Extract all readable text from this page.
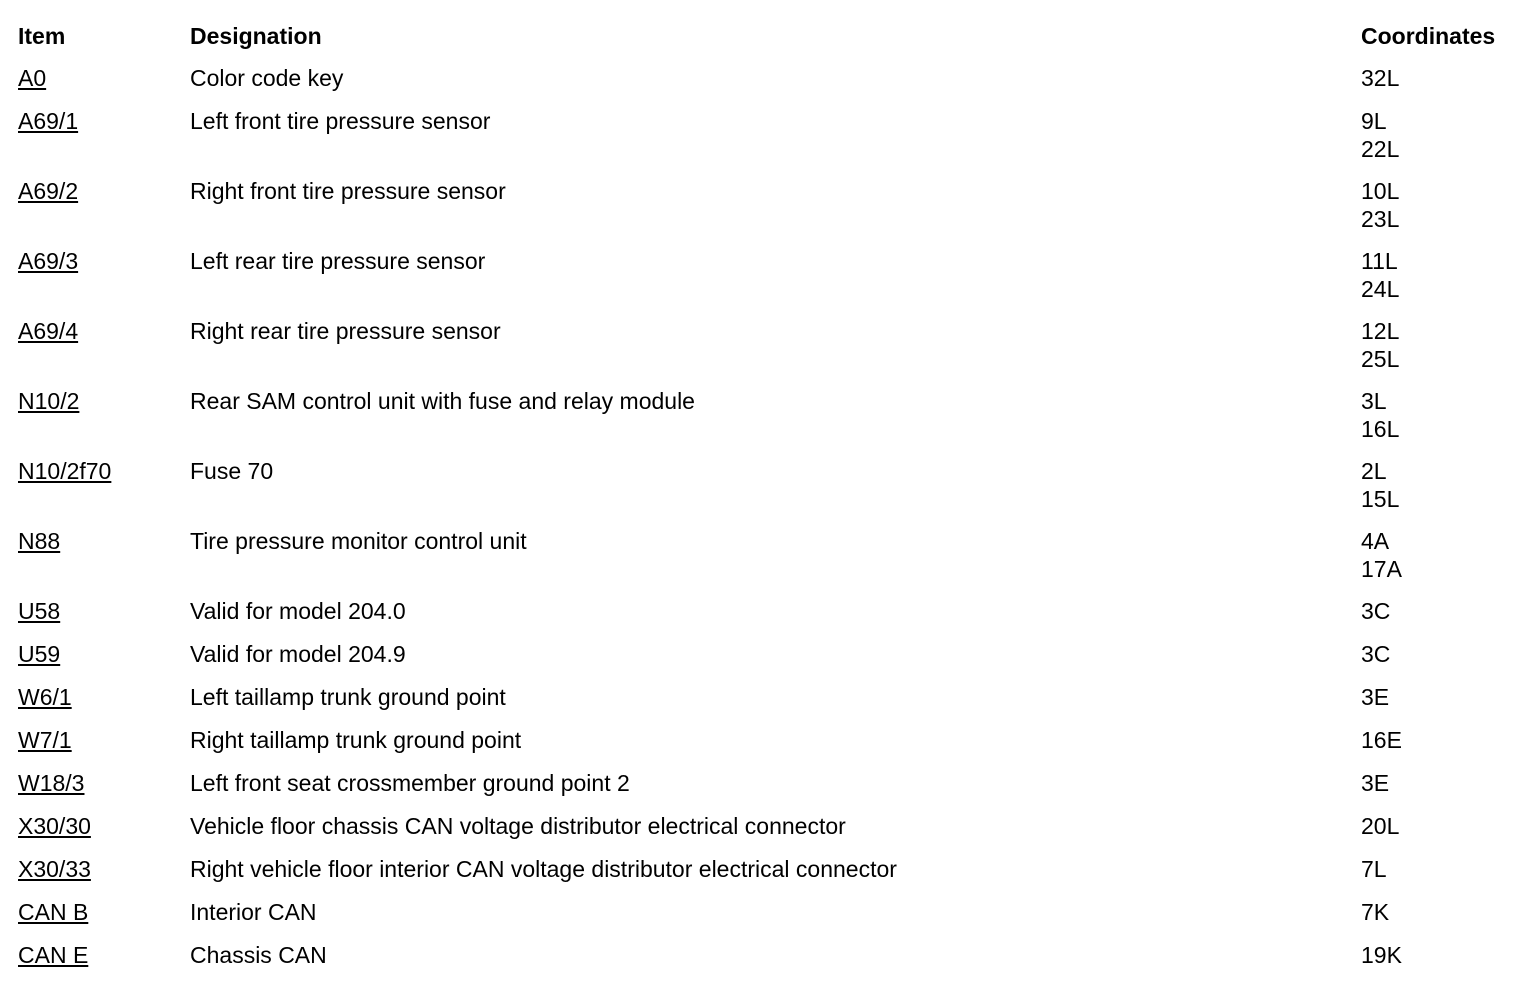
Item	Designation	Coordinates
A0	Color code key	32L
A69/1	Left front tire pressure sensor	9L
22L
A69/2	Right front tire pressure sensor	10L
23L
A69/3	Left rear tire pressure sensor	11L
24L
A69/4	Right rear tire pressure sensor	12L
25L
N10/2	Rear SAM control unit with fuse and relay module	3L
16L
N10/2f70	Fuse 70	2L
15L
N88	Tire pressure monitor control unit	4A
17A
U58	Valid for model 204.0	3C
U59	Valid for model 204.9	3C
W6/1	Left taillamp trunk ground point	3E
W7/1	Right taillamp trunk ground point	16E
W18/3	Left front seat crossmember ground point 2	3E
X30/30	Vehicle floor chassis CAN voltage distributor electrical connector	20L
X30/33	Right vehicle floor interior CAN voltage distributor electrical connector	7L
CAN B	Interior CAN	7K
CAN E	Chassis CAN	19K
